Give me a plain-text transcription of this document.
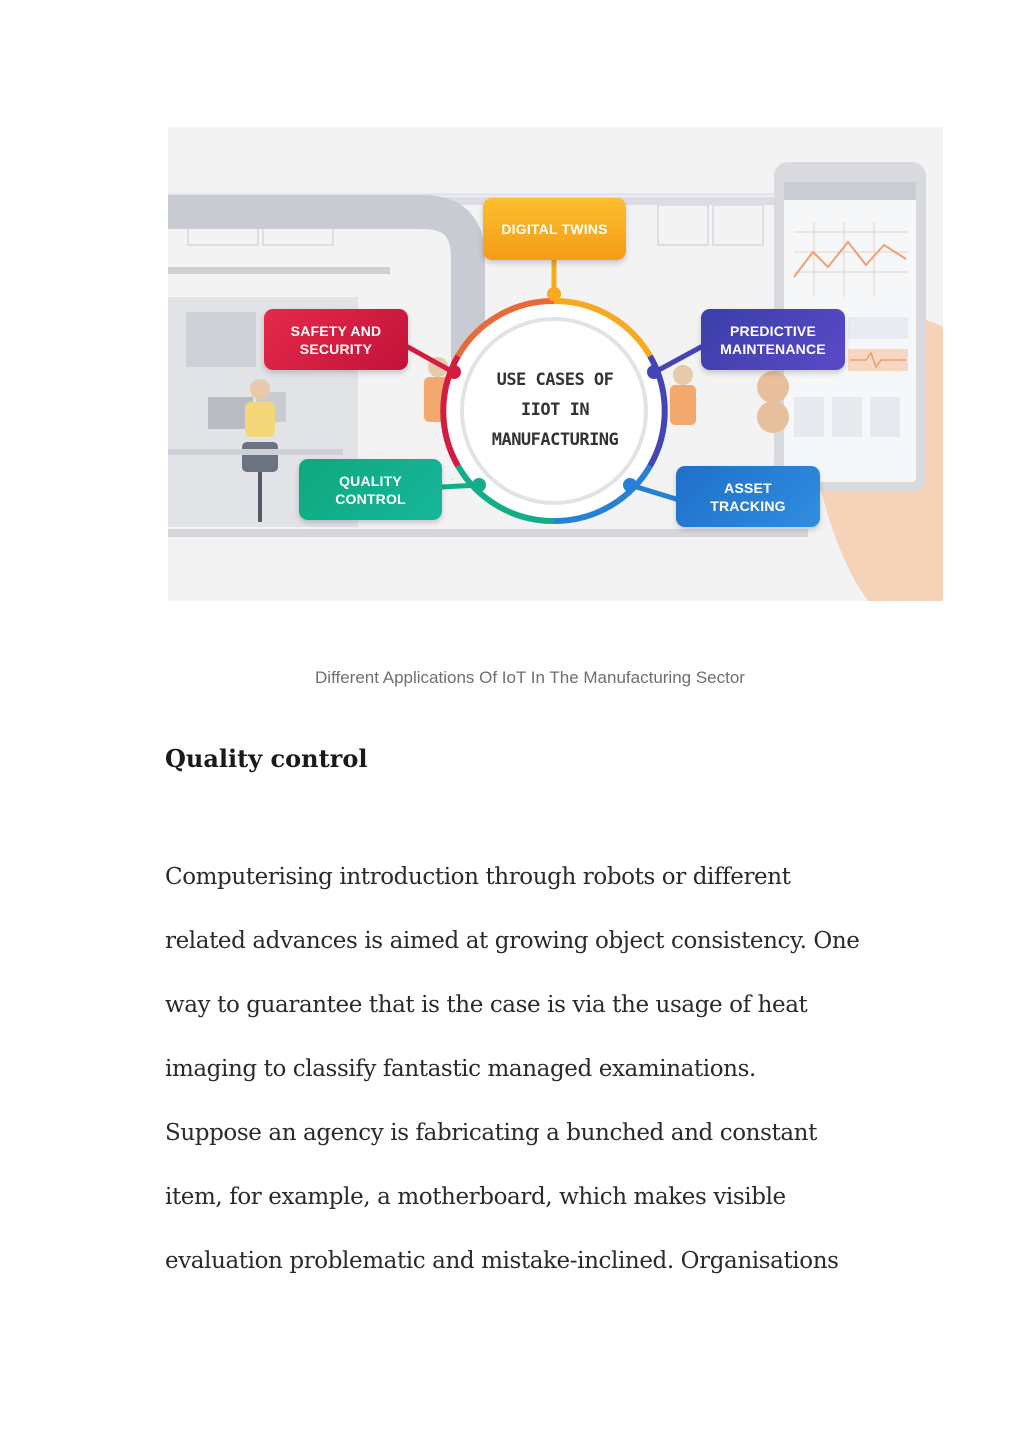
DIGITAL TWINS
SAFETY AND
SECURITY
PREDICTIVE
MAINTENANCE
QUALITY
CONTROL
ASSET
TRACKING
USE CASES OF
IIOT IN
MANUFACTURING
Different Applications Of IoT In The Manufacturing Sector
Quality control
Computerising introduction through robots or different
related advances is aimed at growing object consistency. One
way to guarantee that is the case is via the usage of heat
imaging to classify fantastic managed examinations.
Suppose an agency is fabricating a bunched and constant
item, for example, a motherboard, which makes visible
evaluation problematic and mistake-inclined. Organisations
